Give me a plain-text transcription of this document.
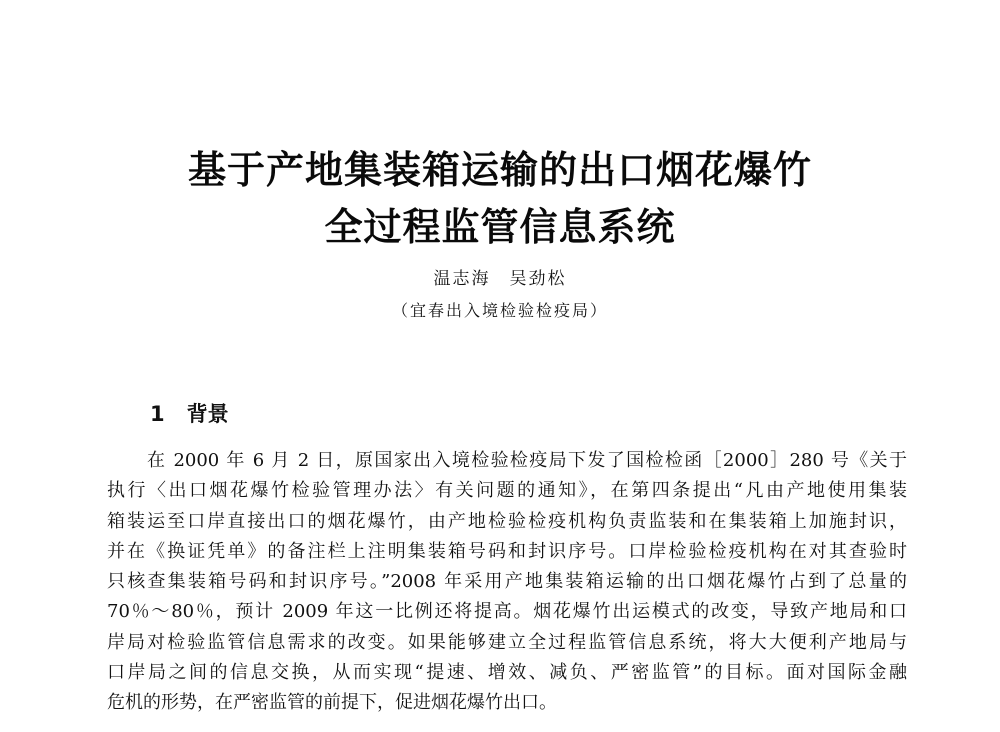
基于产地集装箱运输的出口烟花爆竹
全过程监管信息系统
温志海　吴劲松
（宜春出入境检验检疫局）
1 背景
在 2000 年 6 月 2 日，原国家出入境检验检疫局下发了国检检函［2000］280 号《关于
执行〈出口烟花爆竹检验管理办法〉有关问题的通知》，在第四条提出“凡由产地使用集装
箱装运至口岸直接出口的烟花爆竹，由产地检验检疫机构负责监装和在集装箱上加施封识，
并在《换证凭单》的备注栏上注明集装箱号码和封识序号。口岸检验检疫机构在对其查验时
只核查集装箱号码和封识序号。”2008 年采用产地集装箱运输的出口烟花爆竹占到了总量的
70％～80％，预计 2009 年这一比例还将提高。烟花爆竹出运模式的改变，导致产地局和口
岸局对检验监管信息需求的改变。如果能够建立全过程监管信息系统，将大大便利产地局与
口岸局之间的信息交换，从而实现“提速、增效、减负、严密监管”的目标。面对国际金融
危机的形势，在严密监管的前提下，促进烟花爆竹出口。
